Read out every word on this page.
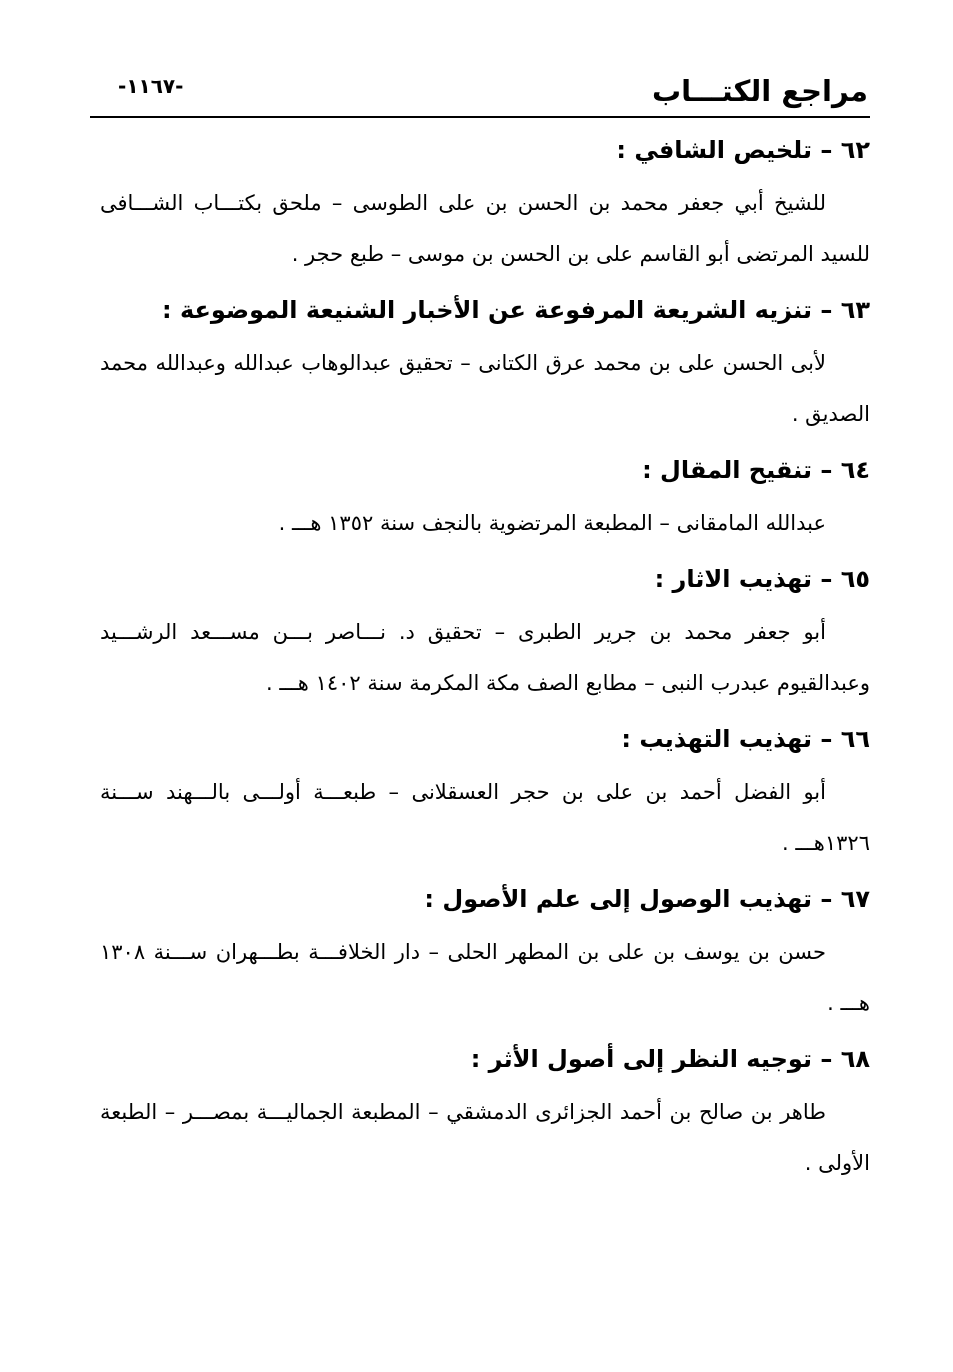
مراجع الكتـــاب
-١١٦٧-
٦٢ – تلخيص الشافي :

للشيخ أبي جعفر محمد بن الحسن بن على الطوسى – ملحق بكتـــاب الشـــافى للسيد المرتضى أبو القاسم على بن الحسن بن موسى – طبع حجر .

٦٣ – تنزيه الشريعة المرفوعة عن الأخبار الشنيعة الموضوعة :

لأبى الحسن على بن محمد عرق الكتانى – تحقيق عبدالوهاب عبدالله وعبدالله محمد الصديق .

٦٤ – تنقيح المقال :

عبدالله المامقانى – المطبعة المرتضوية بالنجف سنة ١٣٥٢ هـــ .

٦٥ – تهذيب الاثار :

أبو جعفر محمد بن جرير الطبرى – تحقيق د. نـــاصر بـــن مســـعد الرشـــيد وعبدالقيوم عبدرب النبى – مطابع الصف مكة المكرمة سنة ١٤٠٢ هـــ .

٦٦ – تهذيب التهذيب :

أبو الفضل أحمد بن على بن حجر العسقلانى – طبعـــة أولـــى بالـــهند ســـنة ١٣٢٦هـــ .

٦٧ – تهذيب الوصول إلى علم الأصول :

حسن بن يوسف بن على بن المطهر الحلى – دار الخلافـــة بطـــهران ســـنة ١٣٠٨ هـــ .

٦٨ – توجيه النظر إلى أصول الأثر :

طاهر بن صالح بن أحمد الجزائرى الدمشقي – المطبعة الجماليـــة بمصـــر – الطبعة الأولى .
